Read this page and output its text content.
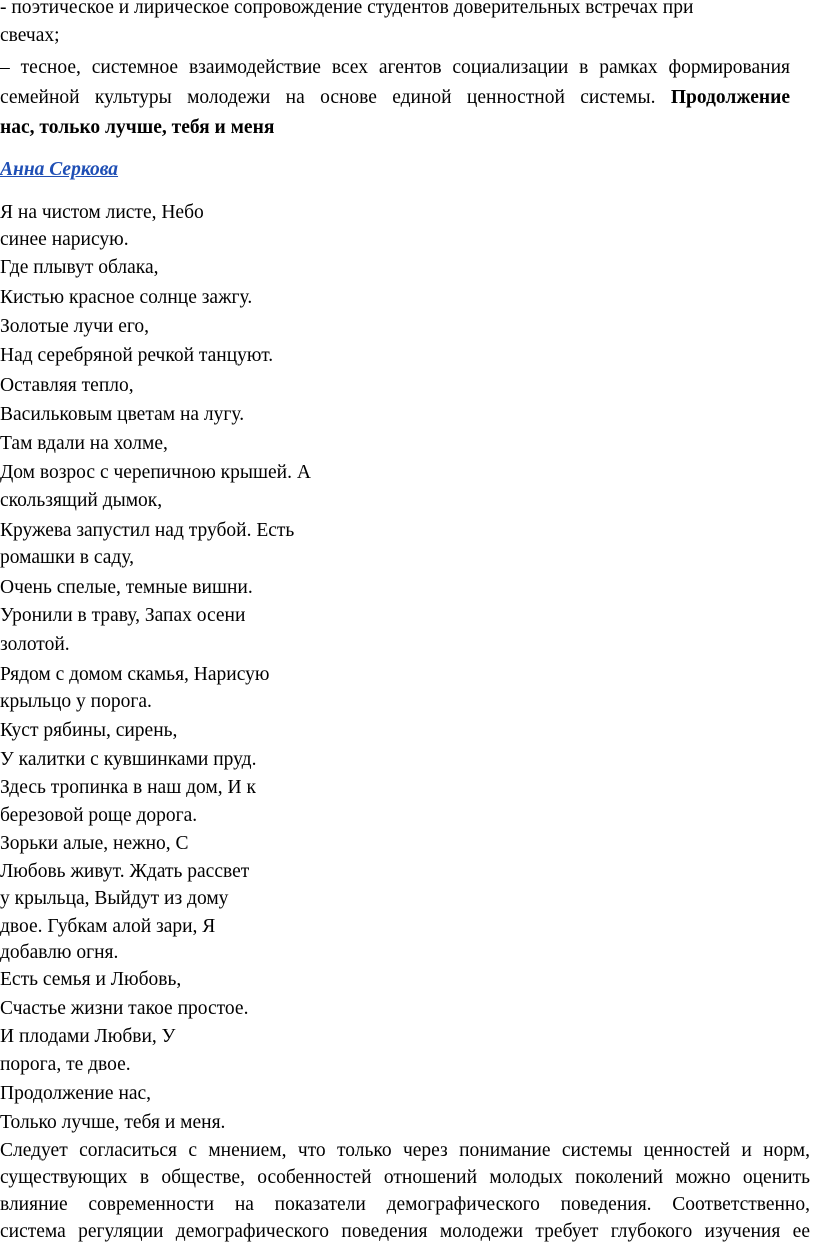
- поэтическое и лирическое сопровождение студентов доверительных встречах при
свечах;
– тесное, системное взаимодействие всех агентов социализации в рамках формирования
семейной культуры молодежи на основе единой ценностной системы. Продолжение
нас, только лучше, тебя и меня
Анна Серкова
Я на чистом листе, Небо
синее нарисую.
Где плывут облака,
Кистью красное солнце зажгу.
Золотые лучи его,
Над серебряной речкой танцуют.
Оставляя тепло,
Васильковым цветам на лугу.
Там вдали на холме,
Дом возрос с черепичною крышей. А
скользящий дымок,
Кружева запустил над трубой. Есть
ромашки в саду,
Очень спелые, темные вишни.
Уронили в траву, Запах осени
золотой.
Рядом с домом скамья, Нарисую
крыльцо у порога.
Куст рябины, сирень,
У калитки с кувшинками пруд.
Здесь тропинка в наш дом, И к
березовой роще дорога.
Зорьки алые, нежно, С
Любовь живут. Ждать рассвет
у крыльца, Выйдут из дому
двое. Губкам алой зари, Я
добавлю огня.
Есть семья и Любовь,
Счастье жизни такое простое.
И плодами Любви, У
порога, те двое.
Продолжение нас,
Только лучше, тебя и меня.
Следует согласиться с мнением, что только через понимание системы ценностей и норм,
существующих в обществе, особенностей отношений молодых поколений можно оценить
влияние современности на показатели демографического поведения. Соответственно,
система регуляции демографического поведения молодежи требует глубокого изучения ее
